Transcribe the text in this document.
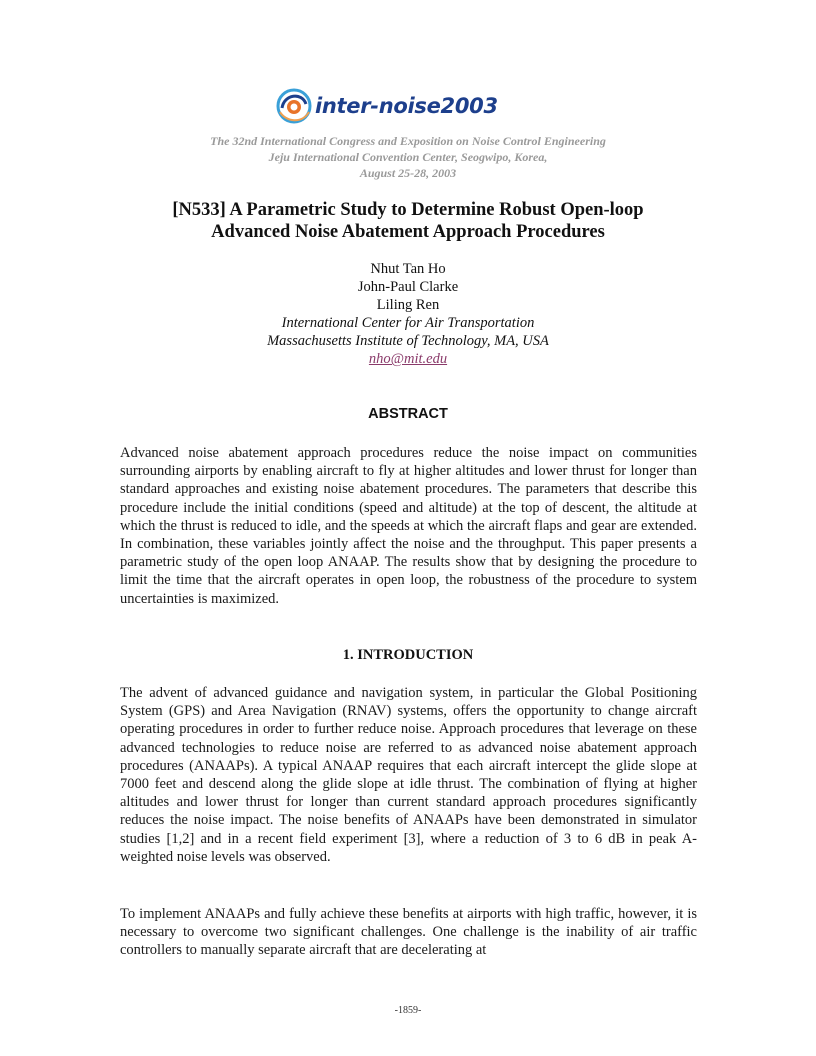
inter-noise2003
The 32nd International Congress and Exposition on Noise Control Engineering
Jeju International Convention Center, Seogwipo, Korea,
August 25-28, 2003
[N533] A Parametric Study to Determine Robust Open-loop
Advanced Noise Abatement Approach Procedures
Nhut Tan Ho
John-Paul Clarke
Liling Ren
International Center for Air Transportation
Massachusetts Institute of Technology, MA, USA
nho@mit.edu
ABSTRACT
Advanced noise abatement approach procedures reduce the noise impact on communities surrounding airports by enabling aircraft to fly at higher altitudes and lower thrust for longer than standard approaches and existing noise abatement procedures. The parameters that describe this procedure include the initial conditions (speed and altitude) at the top of descent, the altitude at which the thrust is reduced to idle, and the speeds at which the aircraft flaps and gear are extended. In combination, these variables jointly affect the noise and the throughput. This paper presents a parametric study of the open loop ANAAP. The results show that by designing the procedure to limit the time that the aircraft operates in open loop, the robustness of the procedure to system uncertainties is maximized.
1. INTRODUCTION
The advent of advanced guidance and navigation system, in particular the Global Positioning System (GPS) and Area Navigation (RNAV) systems, offers the opportunity to change aircraft operating procedures in order to further reduce noise. Approach procedures that leverage on these advanced technologies to reduce noise are referred to as advanced noise abatement approach procedures (ANAAPs). A typical ANAAP requires that each aircraft intercept the glide slope at 7000 feet and descend along the glide slope at idle thrust. The combination of flying at higher altitudes and lower thrust for longer than current standard approach procedures significantly reduces the noise impact. The noise benefits of ANAAPs have been demonstrated in simulator studies [1,2] and in a recent field experiment [3], where a reduction of 3 to 6 dB in peak A-weighted noise levels was observed.
To implement ANAAPs and fully achieve these benefits at airports with high traffic, however, it is necessary to overcome two significant challenges. One challenge is the inability of air traffic controllers to manually separate aircraft that are decelerating at
-1859-
